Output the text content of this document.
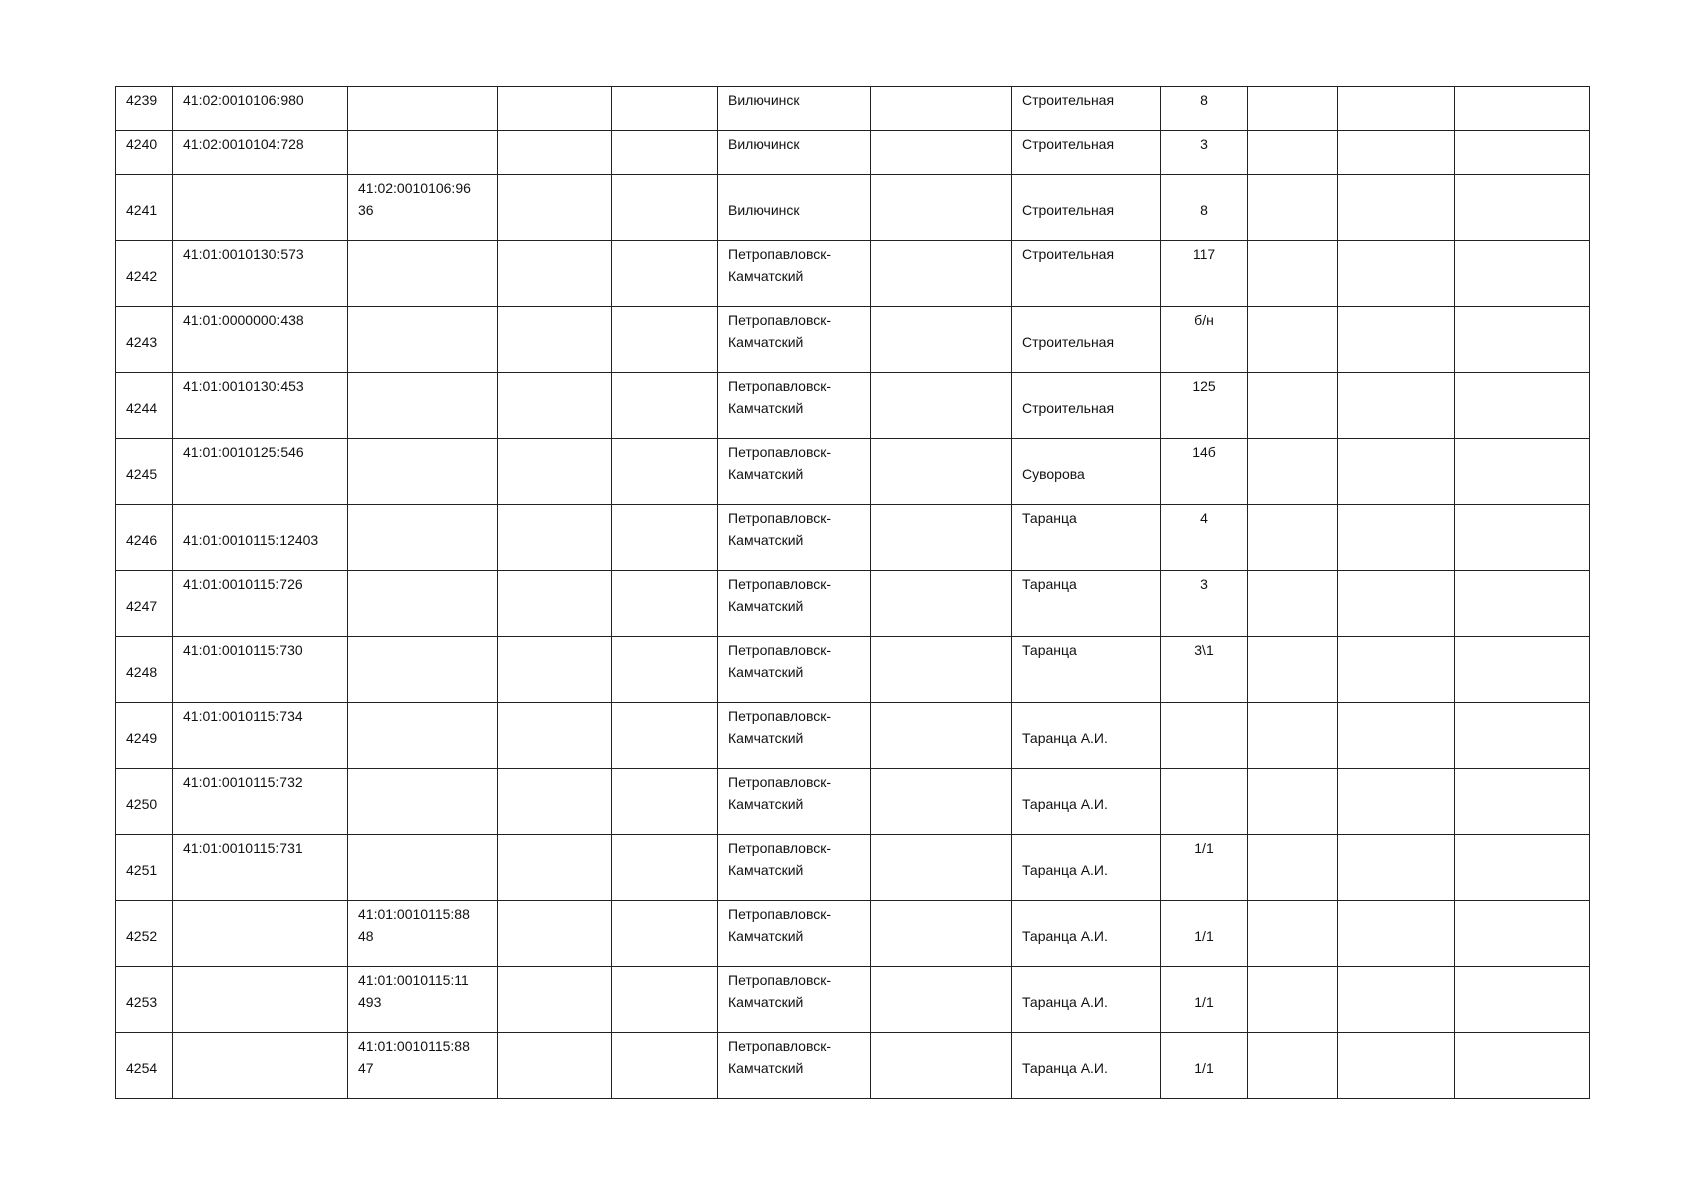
4239	41:02:0010106:980				Вилючинск		Строительная	8			

4240	41:02:0010104:728				Вилючинск		Строительная	3			

4241		41:02:0010106:96
36			Вилючинск		Строительная	8			

4242	41:01:0010130:573				Петропавловск-
Камчатский		Строительная	117			

4243	41:01:0000000:438				Петропавловск-
Камчатский		Строительная	б/н			

4244	41:01:0010130:453				Петропавловск-
Камчатский		Строительная	125			

4245	41:01:0010125:546				Петропавловск-
Камчатский		Суворова	14б			

4246	41:01:0010115:12403				Петропавловск-
Камчатский		Таранца	4			

4247	41:01:0010115:726				Петропавловск-
Камчатский		Таранца	3			

4248	41:01:0010115:730				Петропавловск-
Камчатский		Таранца	3\1			

4249	41:01:0010115:734				Петропавловск-
Камчатский		Таранца А.И.				

4250	41:01:0010115:732				Петропавловск-
Камчатский		Таранца А.И.				

4251	41:01:0010115:731				Петропавловск-
Камчатский		Таранца А.И.	1/1			

4252		41:01:0010115:88
48			Петропавловск-
Камчатский		Таранца А.И.	1/1			

4253		41:01:0010115:11
493			Петропавловск-
Камчатский		Таранца А.И.	1/1			

4254		41:01:0010115:88
47			Петропавловск-
Камчатский		Таранца А.И.	1/1			
